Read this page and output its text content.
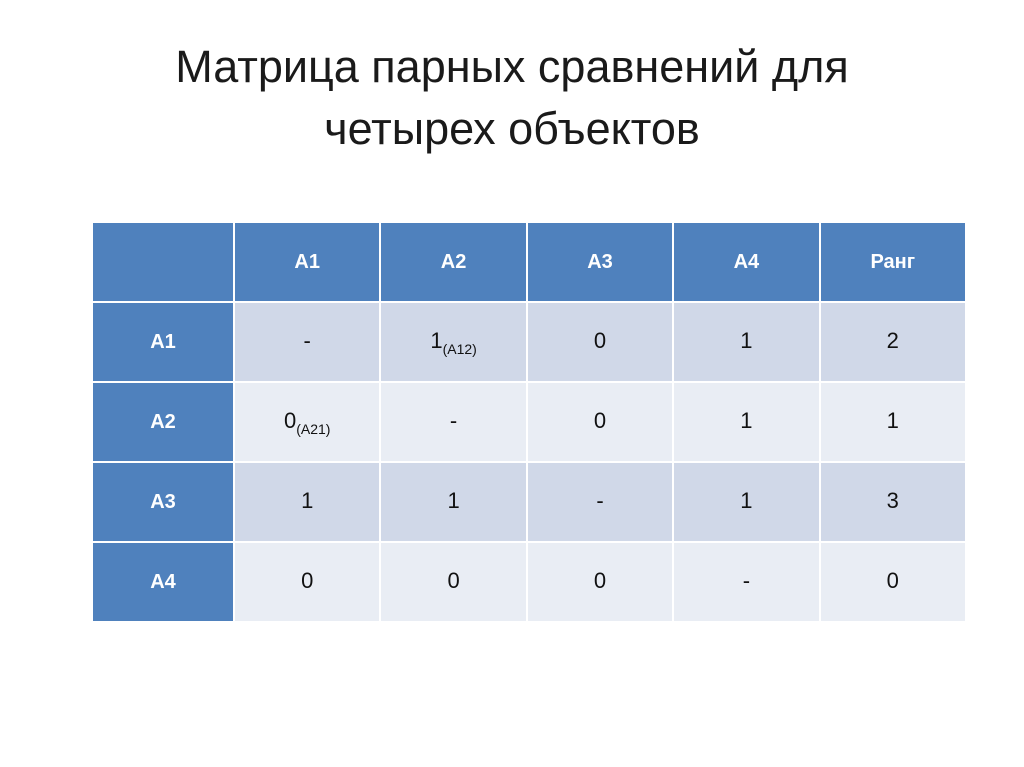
Матрица парных сравнений для
четырех объектов
	А1	А2	А3	А4	Ранг
А1	-	$1_{(А12)}$	0	1	2
А2	$0_{(А21)}$	-	0	1	1
А3	1	1	-	1	3
А4	0	0	0	-	0
